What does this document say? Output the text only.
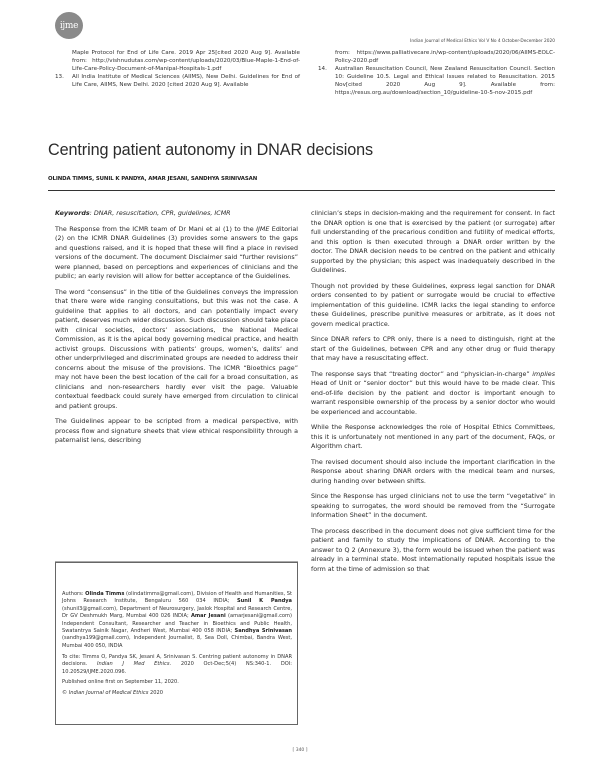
ijme
Indian Journal of Medical Ethics Vol V No 4 October-December 2020
Maple Protocol for End of Life Care. 2019 Apr 25[cited 2020 Aug 9]. Available from: http://vishnudutas.com/wp-content/uploads/2020/03/Blue-Maple-1-End-of-Life-Care-Policy-Document-of-Manipal-Hospitals-1.pdf
13. All India Institute of Medical Sciences (AIIMS), New Delhi. Guidelines for End of Life Care, AIIMS, New Delhi. 2020 [cited 2020 Aug 9]. Available
from: https://www.palliativecare.in/wp-content/uploads/2020/06/AIIMS-EOLC-Policy-2020.pdf
14. Australian Resuscitation Council, New Zealand Resuscitation Council. Section 10: Guideline 10.5. Legal and Ethical Issues related to Resuscitation. 2015 Nov[cited 2020 Aug 9]. Available from: https://resus.org.au/download/section_10/guideline-10-5-nov-2015.pdf
Centring patient autonomy in DNAR decisions
OLINDA TIMMS, SUNIL K PANDYA, AMAR JESANI, SANDHYA SRINIVASAN

Keywords: DNAR, resuscitation, CPR, guidelines, ICMR

The Response from the ICMR team of Dr Mani et al (1) to the IJME Editorial (2) on the ICMR DNAR Guidelines (3) provides some answers to the gaps and questions raised, and it is hoped that these will find a place in revised versions of the document. The document Disclaimer said “further revisions” were planned, based on perceptions and experiences of clinicians and the public; an early revision will allow for better acceptance of the Guidelines.

The word “consensus” in the title of the Guidelines conveys the impression that there were wide ranging consultations, but this was not the case. A guideline that applies to all doctors, and can potentially impact every patient, deserves much wider discussion. Such discussion should take place with clinical societies, doctors’ associations, the National Medical Commission, as it is the apical body governing medical practice, and health activist groups. Discussions with patients’ groups, women’s, dalits’ and other underprivileged and discriminated groups are needed to address their concerns about the misuse of the provisions. The ICMR “Bioethics page” may not have been the best location of the call for a broad consultation, as clinicians and non-researchers hardly ever visit the page. Valuable contextual feedback could surely have emerged from circulation to clinical and patient groups.

The Guidelines appear to be scripted from a medical perspective, with process flow and signature sheets that view ethical responsibility through a paternalist lens, describing

clinician’s steps in decision-making and the requirement for consent. In fact the DNAR option is one that is exercised by the patient (or surrogate) after full understanding of the precarious condition and futility of medical efforts, and this option is then executed through a DNAR order written by the doctor. The DNAR decision needs to be centred on the patient and ethically supported by the physician; this aspect was inadequately described in the Guidelines.

Though not provided by these Guidelines, express legal sanction for DNAR orders consented to by patient or surrogate would be crucial to effective implementation of this guideline. ICMR lacks the legal standing to enforce these Guidelines, prescribe punitive measures or arbitrate, as it does not govern medical practice.

Since DNAR refers to CPR only, there is a need to distinguish, right at the start of the Guidelines, between CPR and any other drug or fluid therapy that may have a resuscitating effect.

The response says that “treating doctor” and “physician-in-charge” implies Head of Unit or “senior doctor” but this would have to be made clear. This end-of-life decision by the patient and doctor is important enough to warrant responsible ownership of the process by a senior doctor who would be experienced and accountable.

While the Response acknowledges the role of Hospital Ethics Committees, this it is unfortunately not mentioned in any part of the document, FAQs, or Algorithm chart.

The revised document should also include the important clarification in the Response about sharing DNAR orders with the medical team and nurses, during handing over between shifts.

Since the Response has urged clinicians not to use the term “vegetative” in speaking to surrogates, the word should be removed from the “Surrogate Information Sheet” in the document.

The process described in the document does not give sufficient time for the patient and family to study the implications of DNAR. According to the answer to Q 2 (Annexure 3), the form would be issued when the patient was already in a terminal state. Most internationally reputed hospitals issue the form at the time of admission so that

Authors: Olinda Timms (olindatimms@gmail.com), Division of Health and Humanities, St Johns Research Institute, Bengaluru 560 034 INDIA; Sunil K Pandya (shunil3@gmail.com), Department of Neurosurgery, Jaslok Hospital and Research Centre, Dr GV Deshmukh Marg, Mumbai 400 026 INDIA; Amar Jesani (amarjesani@gmail.com) Independent Consultant, Researcher and Teacher in Bioethics and Public Health, Swatantrya Sainik Nagar, Andheri West, Mumbai 400 058 INDIA; Sandhya Srinivasan (sandhya199@gmail.com), Independent Journalist, 8, Sea Doll, Chimbai, Bandra West, Mumbai 400 050, INDIA

To cite: Timms O, Pandya SK, Jesani A, Srinivasan S. Centring patient autonomy in DNAR decisions. Indian J Med Ethics. 2020 Oct-Dec;5(4) NS:340-1. DOI: 10.20529/IJME.2020.096.

Published online first on September 11, 2020.

© Indian Journal of Medical Ethics 2020

[ 340 ]
